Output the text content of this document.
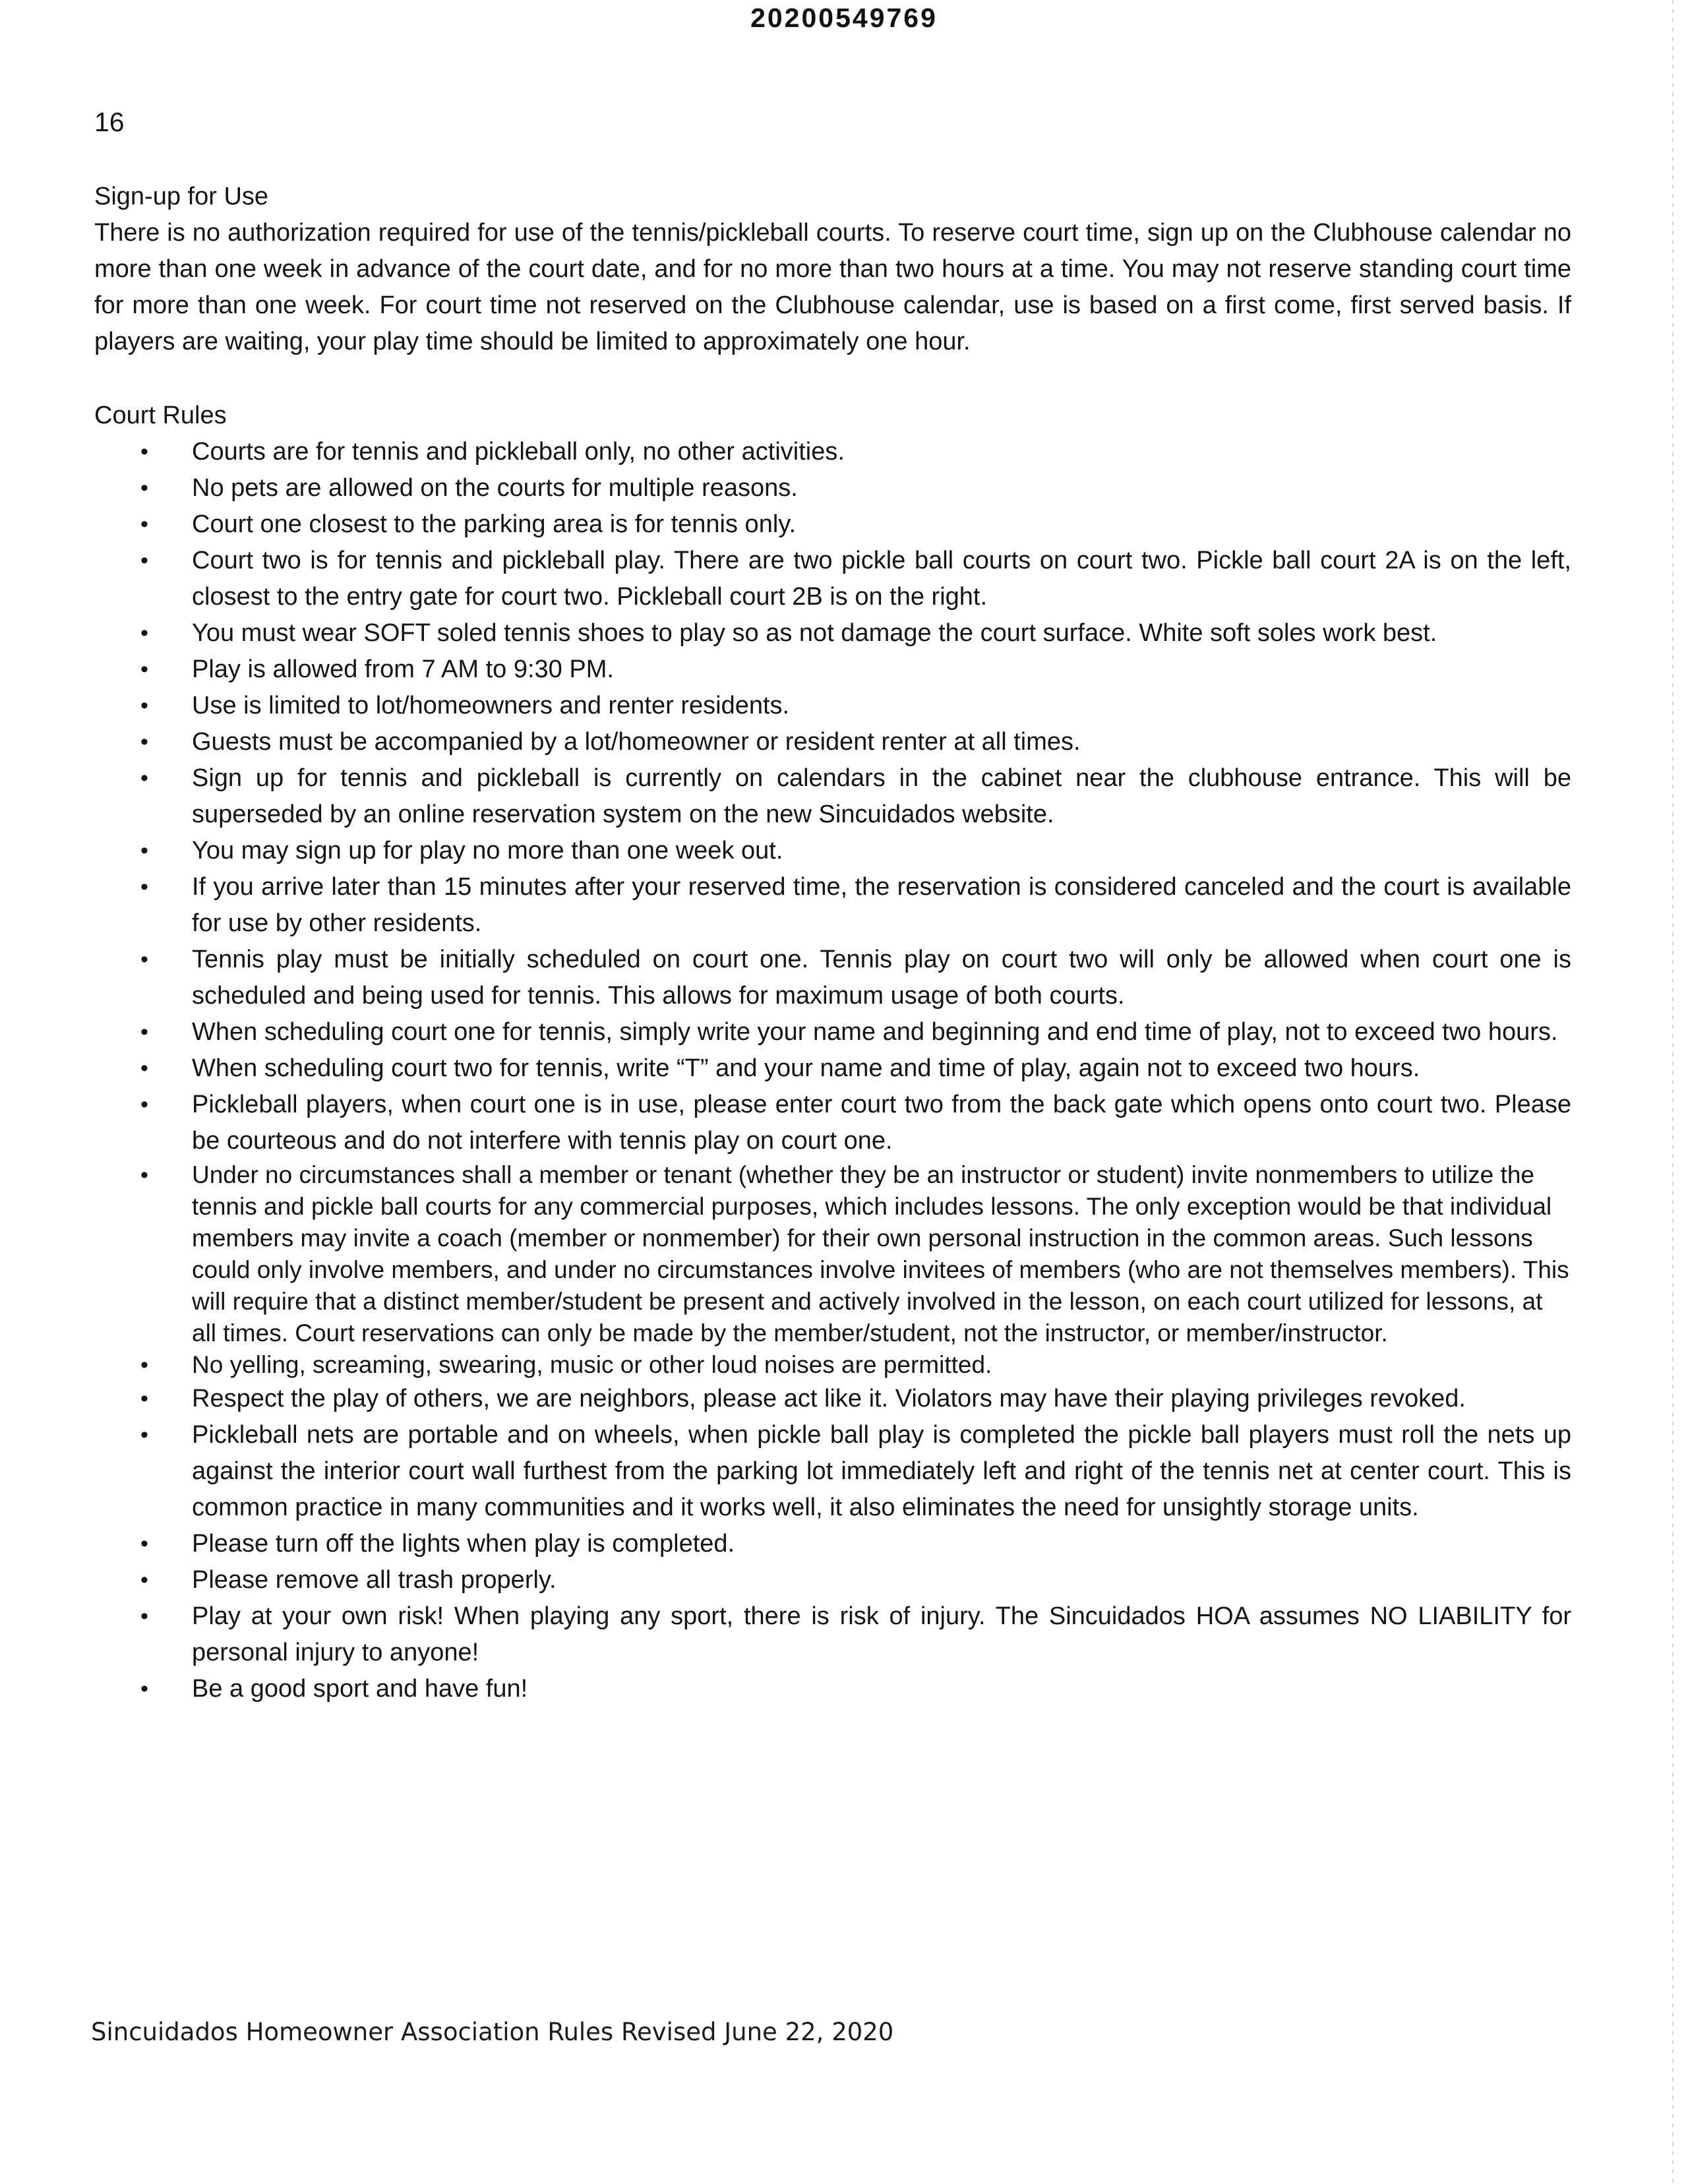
20200549769
16

Sign-up for Use

There is no authorization required for use of the tennis/pickleball courts. To reserve court time, sign up on the Clubhouse calendar no more than one week in advance of the court date, and for no more than two hours at a time. You may not reserve standing court time for more than one week. For court time not reserved on the Clubhouse calendar, use is based on a first come, first served basis. If players are waiting, your play time should be limited to approximately one hour.

Court Rules

• Courts are for tennis and pickleball only, no other activities.
• No pets are allowed on the courts for multiple reasons.
• Court one closest to the parking area is for tennis only.
• Court two is for tennis and pickleball play. There are two pickle ball courts on court two. Pickle ball court 2A is on the left, closest to the entry gate for court two. Pickleball court 2B is on the right.
• You must wear SOFT soled tennis shoes to play so as not damage the court surface. White soft soles work best.
• Play is allowed from 7 AM to 9:30 PM.
• Use is limited to lot/homeowners and renter residents.
• Guests must be accompanied by a lot/homeowner or resident renter at all times.
• Sign up for tennis and pickleball is currently on calendars in the cabinet near the clubhouse entrance. This will be superseded by an online reservation system on the new Sincuidados website.
• You may sign up for play no more than one week out.
• If you arrive later than 15 minutes after your reserved time, the reservation is considered canceled and the court is available for use by other residents.
• Tennis play must be initially scheduled on court one. Tennis play on court two will only be allowed when court one is scheduled and being used for tennis. This allows for maximum usage of both courts.
• When scheduling court one for tennis, simply write your name and beginning and end time of play, not to exceed two hours.
• When scheduling court two for tennis, write “T” and your name and time of play, again not to exceed two hours.
• Pickleball players, when court one is in use, please enter court two from the back gate which opens onto court two. Please be courteous and do not interfere with tennis play on court one.
• Under no circumstances shall a member or tenant (whether they be an instructor or student) invite nonmembers to utilize the tennis and pickle ball courts for any commercial purposes, which includes lessons. The only exception would be that individual members may invite a coach (member or nonmember) for their own personal instruction in the common areas. Such lessons could only involve members, and under no circumstances involve invitees of members (who are not themselves members). This will require that a distinct member/student be present and actively involved in the lesson, on each court utilized for lessons, at all times. Court reservations can only be made by the member/student, not the instructor, or member/instructor.
• No yelling, screaming, swearing, music or other loud noises are permitted.
• Respect the play of others, we are neighbors, please act like it. Violators may have their playing privileges revoked.
• Pickleball nets are portable and on wheels, when pickle ball play is completed the pickle ball players must roll the nets up against the interior court wall furthest from the parking lot immediately left and right of the tennis net at center court. This is common practice in many communities and it works well, it also eliminates the need for unsightly storage units.
• Please turn off the lights when play is completed.
• Please remove all trash properly.
• Play at your own risk! When playing any sport, there is risk of injury. The Sincuidados HOA assumes NO LIABILITY for personal injury to anyone!
• Be a good sport and have fun!
Sincuidados Homeowner Association Rules Revised June 22, 2020
